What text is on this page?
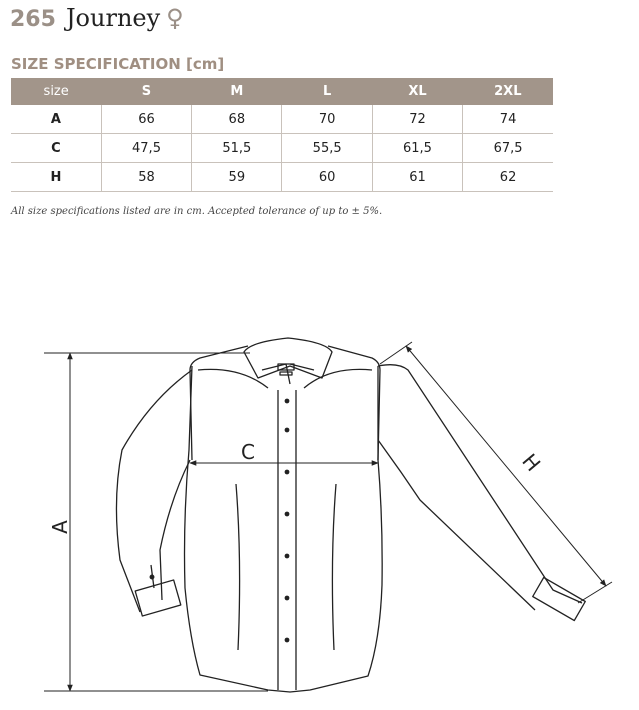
265 Journey ♀
SIZE SPECIFICATION [cm]
size	S	M	L	XL	2XL
A	66	68	70	72	74
C	47,5	51,5	55,5	61,5	67,5
H	58	59	60	61	62
All size specifications listed are in cm. Accepted tolerance of up to ± 5%.
A
C	H
